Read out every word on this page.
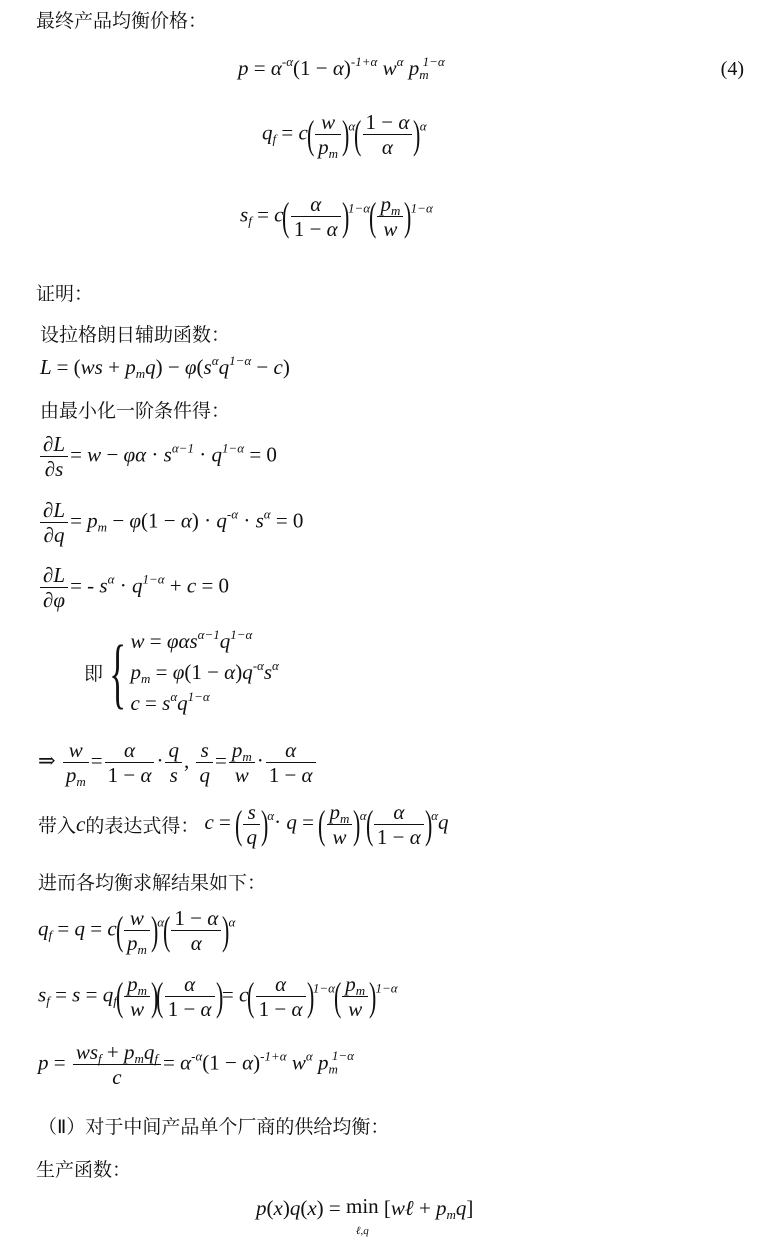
最终产品均衡价格：
$p = \alpha^{-\alpha}(1 - \alpha)^{-1+\alpha}$ $w^\alpha$ $p_m^{1-\alpha}$	(4)
$q_f = c( \frac{w}{p_m} )^\alpha( \frac{1 - \alpha}{\alpha} )^\alpha$
$s_f = c( \frac{\alpha}{1 - \alpha} )^{1-\alpha}( \frac{p_m}{w} )^{1-\alpha}$
证明：
设拉格朗日辅助函数：
$L = (ws + p_mq) - \varphi(s^\alpha q^{1-\alpha} - c)$
由最小化一阶条件得：
$\frac{\partial L}{\partial s} = w - \varphi\alpha \cdot s^{\alpha-1} \cdot q^{1-\alpha} = 0$
$\frac{\partial L}{\partial q} = p_m - \varphi(1 - \alpha) \cdot q^{-\alpha} \cdot s^\alpha = 0$
$\frac{\partial L}{\partial\varphi}$ = - $s^\alpha \cdot q^{1-\alpha} + c = 0$
即 { $w = \varphi\alpha s^{\alpha-1}q^{1-\alpha}$
$p_m = \varphi(1 - \alpha)q^{-\alpha}s^\alpha$
$c = s^\alpha q^{1-\alpha}$
⇒ $\frac{w}{p_m} = \frac{\alpha}{1 - \alpha} \cdot \frac{q}{s}$ , $\frac{s}{q} = \frac{p_m}{w} \cdot \frac{\alpha}{1 - \alpha}$
带入c的表达式得： c = ( $\frac{s}{q} )^\alpha\cdot q$ = ( $\frac{p_m}{w} )^\alpha( \frac{\alpha}{1 - \alpha} )^\alpha q$
进而各均衡求解结果如下：
$q_f = q = c( \frac{w}{p_m} )^\alpha( \frac{1 - \alpha}{\alpha} )^\alpha$
$s_f = s = q_f( \frac{p_m}{w}$ )( $\frac{\alpha}{1 - \alpha}$ )= $c( \frac{\alpha}{1 - \alpha} )^{1-\alpha}( \frac{p_m}{w} )^{1-\alpha}$
$p = \frac{ws_f + p_mq_f}{c} = \alpha^{-\alpha}(1 - \alpha)^{-1+\alpha}$ $w^\alpha$ $p_m^{1-\alpha}$
（Ⅱ）对于中间产品单个厂商的供给均衡：
生产函数：
p(x)q(x) = min
ℓ,q [wℓ + $p_mq$]
